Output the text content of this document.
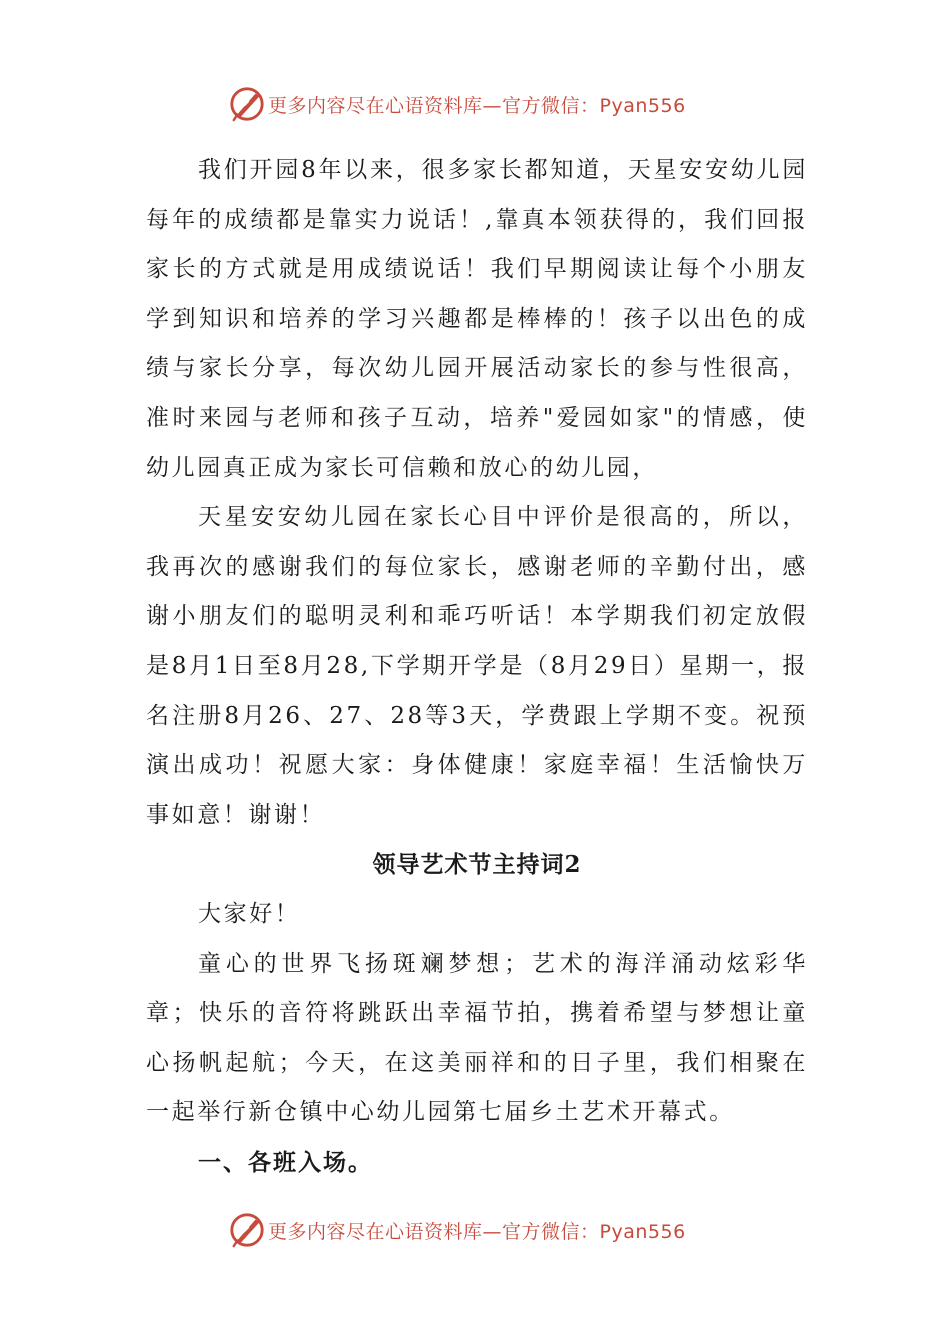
更多内容尽在心语资料库—官方微信：Pyan556

我们开园8年以来，很多家长都知道，天星安安幼儿园每年的成绩都是靠实力说话！,靠真本领获得的，我们回报家长的方式就是用成绩说话！我们早期阅读让每个小朋友学到知识和培养的学习兴趣都是棒棒的！孩子以出色的成绩与家长分享，每次幼儿园开展活动家长的参与性很高，准时来园与老师和孩子互动，培养"爱园如家"的情感，使幼儿园真正成为家长可信赖和放心的幼儿园，

天星安安幼儿园在家长心目中评价是很高的，所以，我再次的感谢我们的每位家长，感谢老师的辛勤付出，感谢小朋友们的聪明灵利和乖巧听话！本学期我们初定放假是8月1日至8月28,下学期开学是（8月29日）星期一，报名注册8月26、27、28等3天，学费跟上学期不变。祝预演出成功！祝愿大家：身体健康！家庭幸福！生活愉快万事如意！谢谢！

领导艺术节主持词2

大家好！

童心的世界飞扬斑斓梦想；艺术的海洋涌动炫彩华章；快乐的音符将跳跃出幸福节拍，携着希望与梦想让童心扬帆起航；今天，在这美丽祥和的日子里，我们相聚在一起举行新仓镇中心幼儿园第七届乡土艺术开幕式。

一、各班入场。

更多内容尽在心语资料库—官方微信：Pyan556
